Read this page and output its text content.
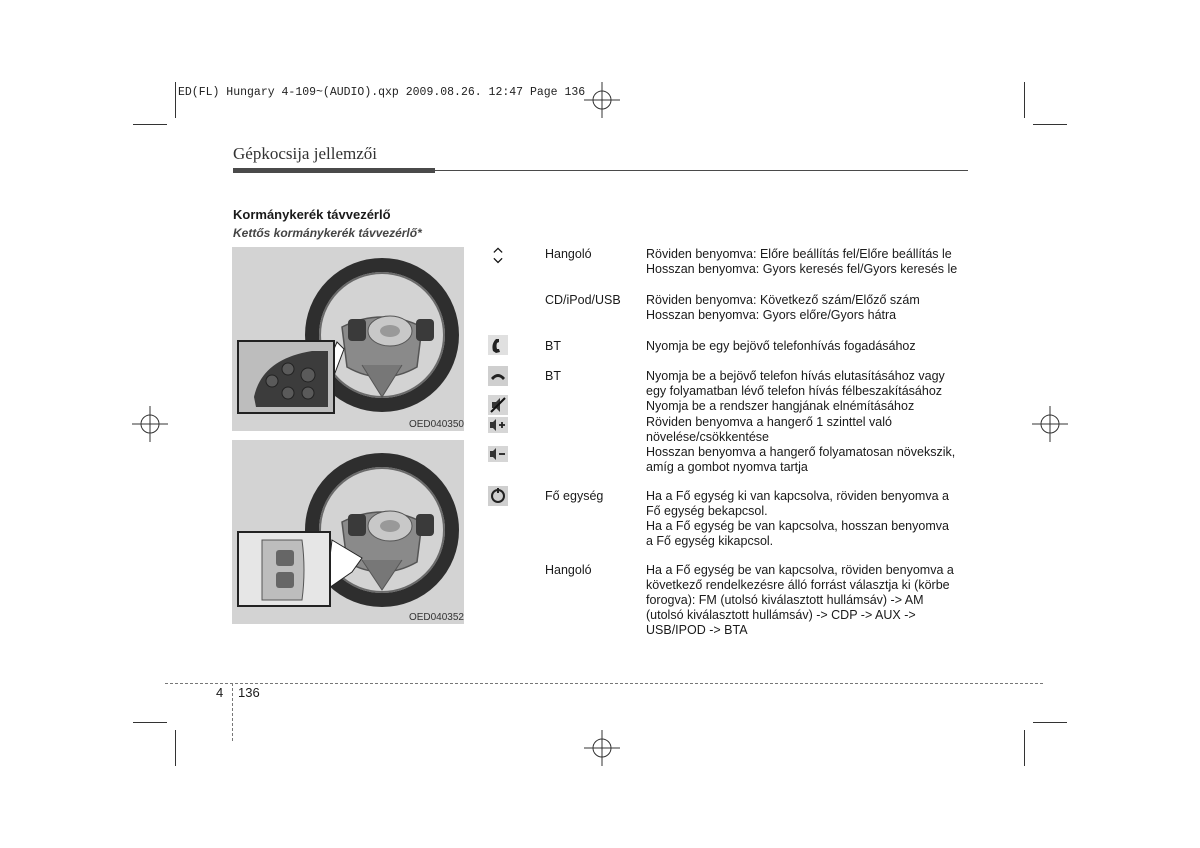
ED(FL) Hungary 4-109~(AUDIO).qxp 2009.08.26. 12:47 Page 136
Gépkocsija jellemzői
Kormánykerék távvezérlő
Kettős kormánykerék távvezérlő*
OED040350
OED040352
Hangoló
CD/iPod/USB
BT
BT
Fő egység
Hangoló
Röviden benyomva: Előre beállítás fel/Előre beállítás le
Hosszan benyomva: Gyors keresés fel/Gyors keresés le
Röviden benyomva: Következő szám/Előző szám
Hosszan benyomva: Gyors előre/Gyors hátra
Nyomja be egy bejövő telefonhívás fogadásához
Nyomja be a bejövő telefon hívás elutasításához vagy
egy folyamatban lévő telefon hívás félbeszakításához
Nyomja be a rendszer hangjának elnémításához
Röviden benyomva a hangerő 1 szinttel való
növelése/csökkentése
Hosszan benyomva a hangerő folyamatosan növekszik,
amíg a gombot nyomva tartja
Ha a Fő egység ki van kapcsolva, röviden benyomva a
Fő egység bekapcsol.
Ha a Fő egység be van kapcsolva, hosszan benyomva
a Fő egység kikapcsol.
Ha a Fő egység be van kapcsolva, röviden benyomva a
következő rendelkezésre álló forrást választja ki (körbe
forogva): FM (utolsó kiválasztott hullámsáv) -> AM
(utolsó kiválasztott hullámsáv) -> CDP -> AUX ->
USB/IPOD -> BTA
4 136
